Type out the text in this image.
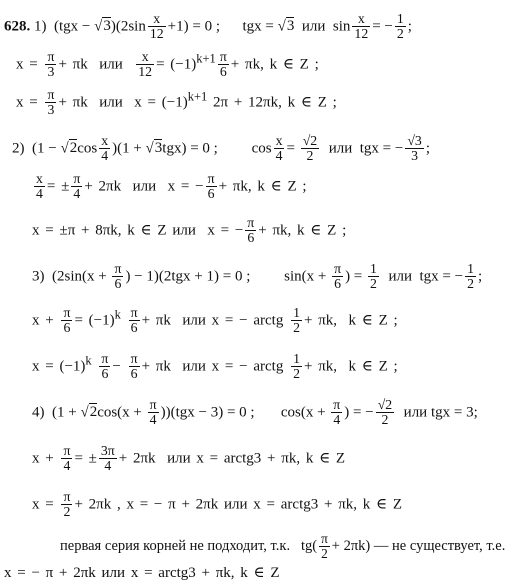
628. 1)  $(tgx - √3)(2\sin \frac{x}{12} +1) = 0$ ;      tgx = √3 или  $\sin \frac{x}{12}$ = − $\frac{1}{2}$ ;
$x = \frac{\pi}{3} + \pi k$  или $\frac{x}{12} = (-1)^{k+1} \frac{\pi}{6} + \pi k$, k ∈ Z ;
$x = \frac{\pi}{3} + \pi k$  или  $x = (-1)^{k+1}$ 2π + 12πk, k ∈ Z ;
2)  $(1 - √2\cos \frac{x}{4} )(1 + √3tgx) = 0$ ;         $\cos \frac{x}{4} = \frac{√2}{2}$ или  tgx = − $\frac{√3}{3}$ ;
$\frac{x}{4}$ = ± $\frac{\pi}{4} + 2\pi k$  или  x = − $\frac{\pi}{6} + \pi k$, k ∈ Z ;
x = ±π + 8πk, k ∈ Z или  x = − $\frac{\pi}{6} + \pi k$, k ∈ Z ;
3)  ($2\sin(x + \frac{\pi}{6}$ ) − 1)(2tgx + 1) = 0 ;         $\sin(x + \frac{\pi}{6}$ ) = $\frac{1}{2}$ или  tgx = − $\frac{1}{2}$ ;
$x + \frac{\pi}{6} = (-1)^k \frac{\pi}{6} + \pi k$  или x = − arctg $\frac{1}{2} + \pi k$,  k ∈ Z ;
$x = (-1)^k \frac{\pi}{6} - \frac{\pi}{6} + \pi k$  или x = − arctg $\frac{1}{2} + \pi k$,  k ∈ Z ;
4)  $(1 + √2\cos(x + \frac{\pi}{4} ))(tgx - 3) = 0$ ;       $\cos(x + \frac{\pi}{4}$ ) = − $\frac{√2}{2}$ или tgx = 3;
$x + \frac{\pi}{4}$ = ± $\frac{3\pi}{4} + 2\pi k$  или x = arctg3 + πk, k ∈ Z
$x = \frac{\pi}{2} + 2\pi k$ , x = − π + 2πk или x = arctg3 + πk, k ∈ Z
первая серия корней не подходит, т.к.   $tg( \frac{\pi}{2} + 2\pi k)$ — не существует, т.е.
x = − π + 2πk или x = arctg3 + πk, k ∈ Z
